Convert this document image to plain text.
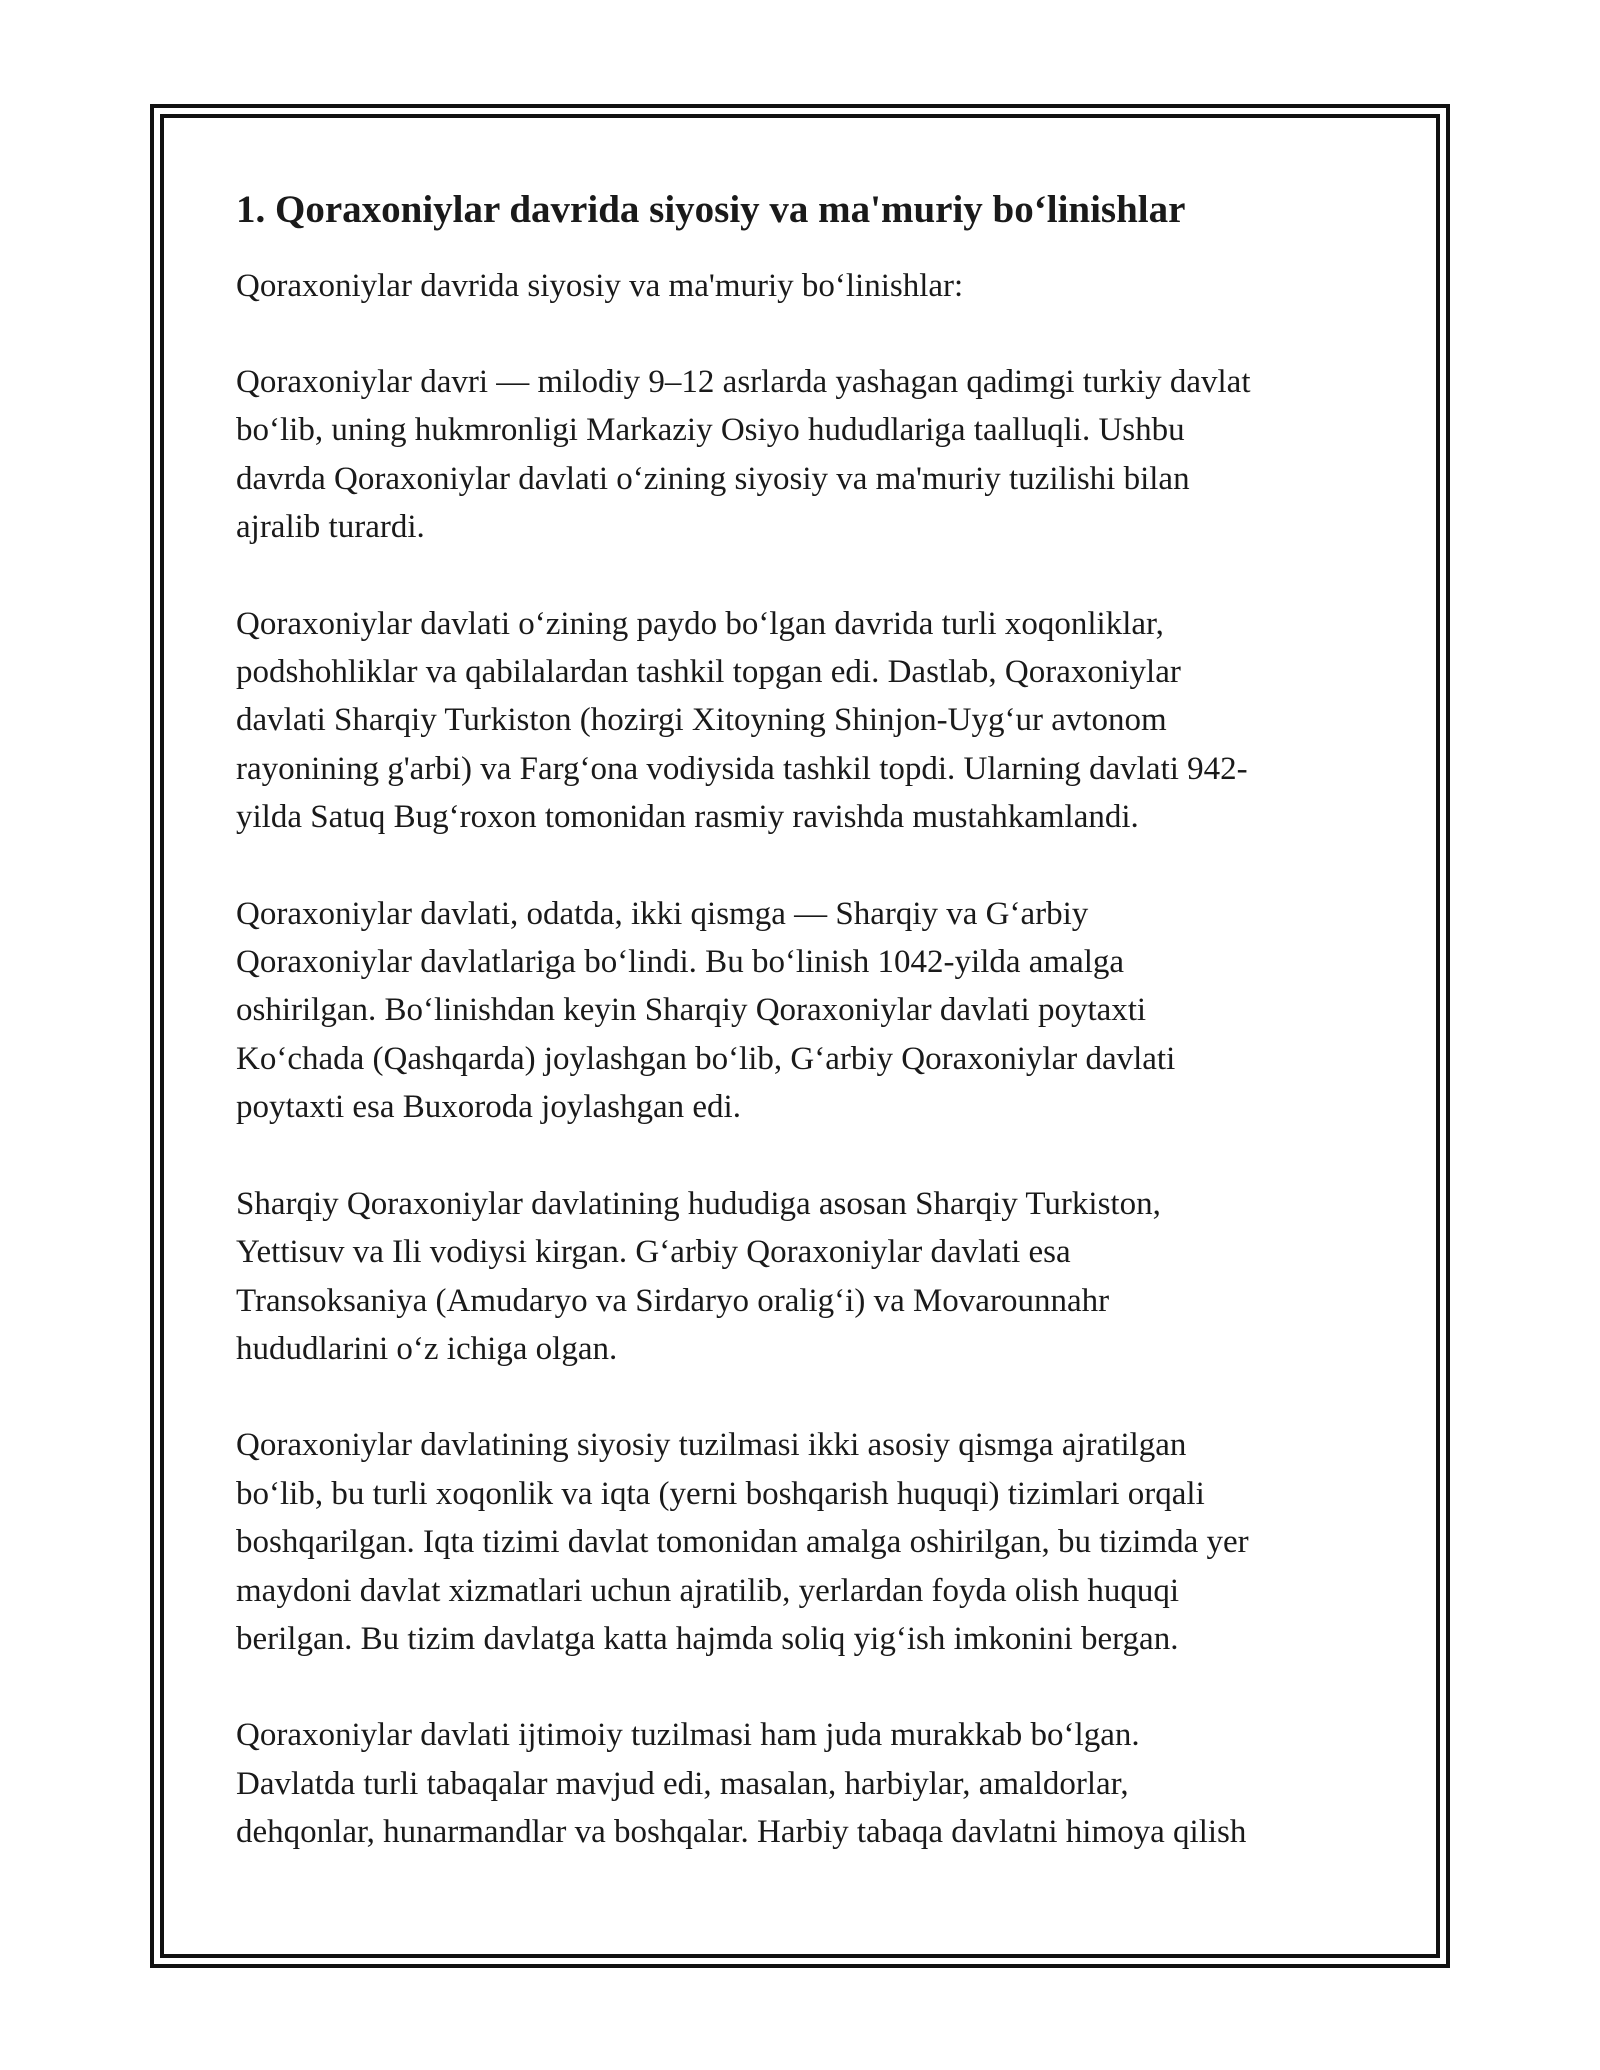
1. Qoraxoniylar davrida siyosiy va ma'muriy bo‘linishlar

Qoraxoniylar davrida siyosiy va ma'muriy bo‘linishlar:

Qoraxoniylar davri — milodiy 9–12 asrlarda yashagan qadimgi turkiy davlat
bo‘lib, uning hukmronligi Markaziy Osiyo hududlariga taalluqli. Ushbu
davrda Qoraxoniylar davlati o‘zining siyosiy va ma'muriy tuzilishi bilan
ajralib turardi.

Qoraxoniylar davlati o‘zining paydo bo‘lgan davrida turli xoqonliklar,
podshohliklar va qabilalardan tashkil topgan edi. Dastlab, Qoraxoniylar
davlati Sharqiy Turkiston (hozirgi Xitoyning Shinjon-Uyg‘ur avtonom
rayonining g'arbi) va Farg‘ona vodiysida tashkil topdi. Ularning davlati 942-
yilda Satuq Bug‘roxon tomonidan rasmiy ravishda mustahkamlandi.

Qoraxoniylar davlati, odatda, ikki qismga — Sharqiy va G‘arbiy
Qoraxoniylar davlatlariga bo‘lindi. Bu bo‘linish 1042-yilda amalga
oshirilgan. Bo‘linishdan keyin Sharqiy Qoraxoniylar davlati poytaxti
Ko‘chada (Qashqarda) joylashgan bo‘lib, G‘arbiy Qoraxoniylar davlati
poytaxti esa Buxoroda joylashgan edi.

Sharqiy Qoraxoniylar davlatining hududiga asosan Sharqiy Turkiston,
Yettisuv va Ili vodiysi kirgan. G‘arbiy Qoraxoniylar davlati esa
Transoksaniya (Amudaryo va Sirdaryo oralig‘i) va Movarounnahr
hududlarini o‘z ichiga olgan.

Qoraxoniylar davlatining siyosiy tuzilmasi ikki asosiy qismga ajratilgan
bo‘lib, bu turli xoqonlik va iqta (yerni boshqarish huquqi) tizimlari orqali
boshqarilgan. Iqta tizimi davlat tomonidan amalga oshirilgan, bu tizimda yer
maydoni davlat xizmatlari uchun ajratilib, yerlardan foyda olish huquqi
berilgan. Bu tizim davlatga katta hajmda soliq yig‘ish imkonini bergan.

Qoraxoniylar davlati ijtimoiy tuzilmasi ham juda murakkab bo‘lgan.
Davlatda turli tabaqalar mavjud edi, masalan, harbiylar, amaldorlar,
dehqonlar, hunarmandlar va boshqalar. Harbiy tabaqa davlatni himoya qilish
